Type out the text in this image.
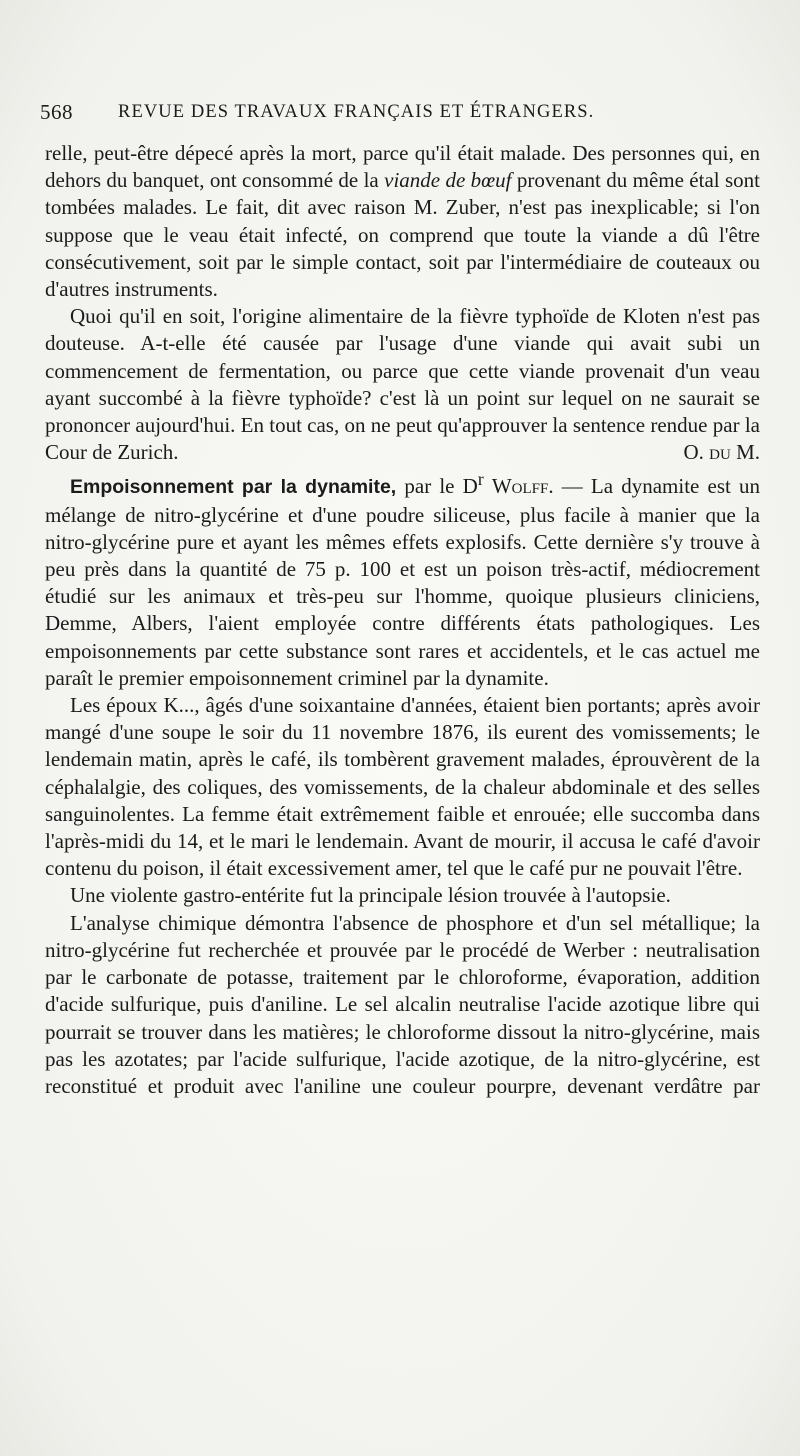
568 REVUE DES TRAVAUX FRANÇAIS ET ÉTRANGERS.

relle, peut-être dépecé après la mort, parce qu'il était malade. Des personnes qui, en dehors du banquet, ont consommé de la viande de bœuf provenant du même étal sont tombées malades. Le fait, dit avec raison M. Zuber, n'est pas inexplicable; si l'on suppose que le veau était infecté, on comprend que toute la viande a dû l'être consécutivement, soit par le simple contact, soit par l'intermédiaire de couteaux ou d'autres instruments.

Quoi qu'il en soit, l'origine alimentaire de la fièvre typhoïde de Kloten n'est pas douteuse. A-t-elle été causée par l'usage d'une viande qui avait subi un commencement de fermentation, ou parce que cette viande provenait d'un veau ayant succombé à la fièvre typhoïde? c'est là un point sur lequel on ne saurait se prononcer aujourd'hui. En tout cas, on ne peut qu'approuver la sentence rendue par la Cour de Zurich.	O. du M.

Empoisonnement par la dynamite, par le $D^r$ Wolff. — La dynamite est un mélange de nitro-glycérine et d'une poudre siliceuse, plus facile à manier que la nitro-glycérine pure et ayant les mêmes effets explosifs. Cette dernière s'y trouve à peu près dans la quantité de 75 p. 100 et est un poison très-actif, médiocrement étudié sur les animaux et très-peu sur l'homme, quoique plusieurs cliniciens, Demme, Albers, l'aient employée contre différents états pathologiques. Les empoisonnements par cette substance sont rares et accidentels, et le cas actuel me paraît le premier empoisonnement criminel par la dynamite.

Les époux K..., âgés d'une soixantaine d'années, étaient bien portants; après avoir mangé d'une soupe le soir du 11 novembre 1876, ils eurent des vomissements; le lendemain matin, après le café, ils tombèrent gravement malades, éprouvèrent de la céphalalgie, des coliques, des vomissements, de la chaleur abdominale et des selles sanguinolentes. La femme était extrêmement faible et enrouée; elle succomba dans l'après-midi du 14, et le mari le lendemain. Avant de mourir, il accusa le café d'avoir contenu du poison, il était excessivement amer, tel que le café pur ne pouvait l'être.

Une violente gastro-entérite fut la principale lésion trouvée à l'autopsie.

L'analyse chimique démontra l'absence de phosphore et d'un sel métallique; la nitro-glycérine fut recherchée et prouvée par le procédé de Werber : neutralisation par le carbonate de potasse, traitement par le chloroforme, évaporation, addition d'acide sulfurique, puis d'aniline. Le sel alcalin neutralise l'acide azotique libre qui pourrait se trouver dans les matières; le chloroforme dissout la nitro-glycérine, mais pas les azotates; par l'acide sulfurique, l'acide azotique, de la nitro-glycérine, est reconstitué et produit avec l'aniline une couleur pourpre, devenant verdâtre par
